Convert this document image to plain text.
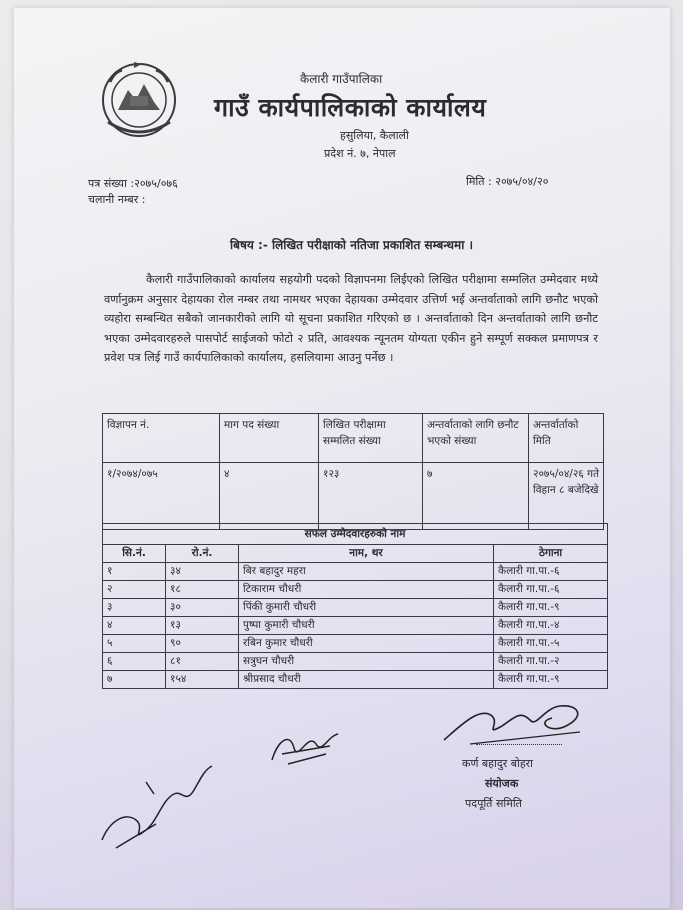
कैलारी गाउँपालिका
गाउँ कार्यपालिकाको कार्यालय
हसुलिया, कैलाली
प्रदेश नं. ७, नेपाल
पत्र संख्या :२०७५/०७६
चलानी नम्बर :
मिति : २०७५/०४/२०
बिषय :- लिखित परीक्षाको नतिजा प्रकाशित सम्बन्धमा ।
कैलारी गाउँपालिकाको कार्यालय सहयोगी पदको विज्ञापनमा लिईएको लिखित परीक्षामा सम्मलित उम्मेदवार मध्ये वर्णानुक्रम अनुसार देहायका रोल नम्बर तथा नामथर भएका देहायका उम्मेदवार उत्तिर्ण भई अन्तर्वाताको लागि छनौट भएको व्यहोरा सम्बन्धित सबैको जानकारीको लागि यो सूचना प्रकाशित गरिएको छ । अन्तर्वाताको दिन अन्तर्वाताको लागि छनौट भएका उम्मेदवारहरुले पासपोर्ट साईजको फोटो २ प्रति, आवश्यक न्यूनतम योग्यता एकीन हुने सम्पूर्ण सक्कल प्रमाणपत्र र प्रवेश पत्र लिई गाउँ कार्यपालिकाको कार्यालय, हसलियामा आउनु पर्नेछ ।
विज्ञापन नं.	माग पद संख्या	लिखित परीक्षामा सम्मलित संख्या	अन्तर्वाताको लागि छनौट भएको संख्या	अन्तर्वार्ताको मिति
१/२०७४/०७५	४	१२३	७	२०७५/०४/२६ गते विहान ८ बजेदिखे
सफल उम्मेदवारहरुको नाम			
सि.नं.	रो.नं.	नाम, थर	ठेगाना
१	३४	बिर बहादुर महरा	कैलारी गा.पा.-६
२	१८	टिकाराम चौधरी	कैलारी गा.पा.-६
३	३०	पिंकी कुमारी चौधरी	कैलारी गा.पा.-९
४	१३	पुष्पा कुमारी चौधरी	कैलारी गा.पा.-४
५	९०	रबिन कुमार चौधरी	कैलारी गा.पा.-५
६	८१	सत्रुघन चौधरी	कैलारी गा.पा.-२
७	१५४	श्रीप्रसाद चौधरी	कैलारी गा.पा.-९
कर्ण बहादुर बोहरा
संयोजक
पदपूर्ति समिति
